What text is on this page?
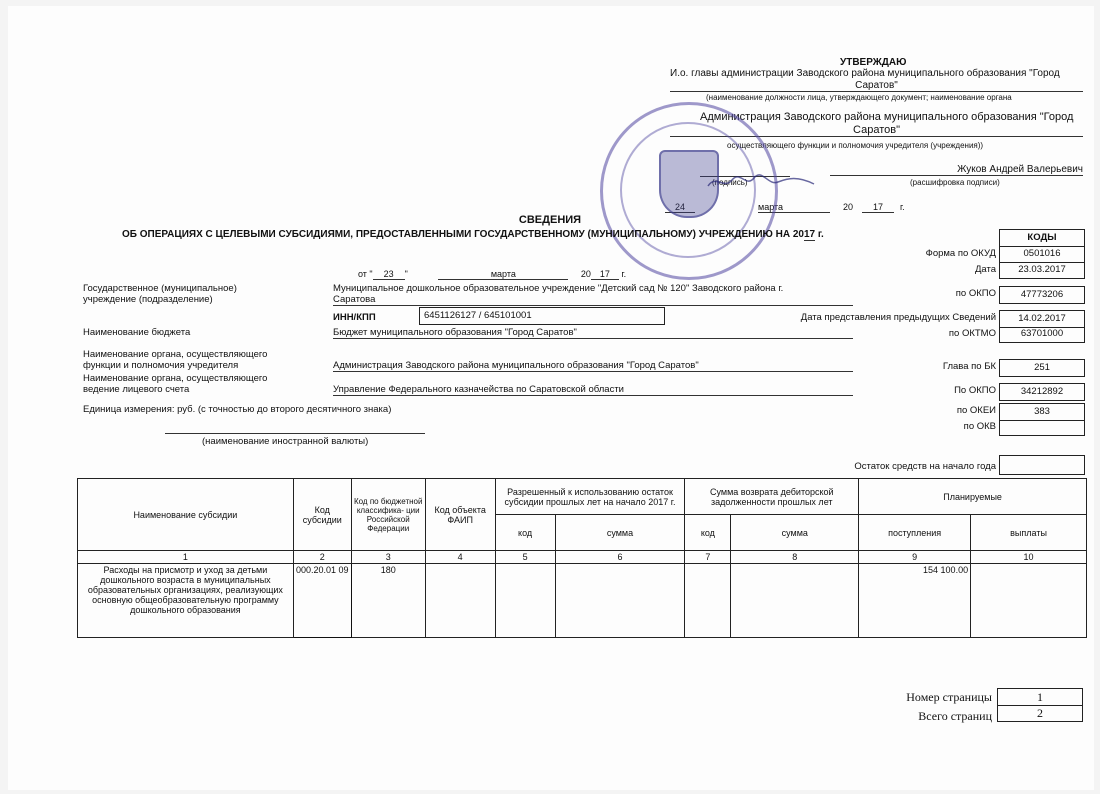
УТВЕРЖДАЮ
И.о. главы администрации Заводского района муниципального образования "Город
Саратов"
(наименование должности лица, утверждающего документ; наименование органа
Администрация Заводского района муниципального образования "Город
Саратов"
осуществляющего функции и полномочия учредителя (учреждения))
Жуков Андрей Валерьевич
(подпись)	(расшифровка подписи)
24	марта	20	17	г.
СВЕДЕНИЯ
ОБ ОПЕРАЦИЯХ С ЦЕЛЕВЫМИ СУБСИДИЯМИ, ПРЕДОСТАВЛЕННЫМИ ГОСУДАРСТВЕННОМУ (МУНИЦИПАЛЬНОМУ) УЧРЕЖДЕНИЮ НА 2017 г.	КОДЫ
Форма по ОКУД	0501016
Дата	23.03.2017
по ОКПО	47773206
Дата представления предыдущих Сведений	14.02.2017
по ОКТМО	63701000
Глава по БК	251
По ОКПО	34212892
по ОКЕИ	383
по ОКВ
от " 23 "	марта	20 17 г.
Государственное (муниципальное)
учреждение (подразделение)
Муниципальное дошкольное образовательное учреждение "Детский сад № 120" Заводского района г.
Саратова
ИНН/КПП	6451126127 / 645101001
Наименование бюджета	Бюджет муниципального образования "Город Саратов"
Наименование органа, осуществляющего
функции и полномочия учредителя	Администрация Заводского района муниципального образования "Город Саратов"
Наименование органа, осуществляющего
ведение лицевого счета	Управление Федерального казначейства по Саратовской области
Единица измерения: руб. (с точностью до второго десятичного знака)
(наименование иностранной валюты)
Остаток средств на начало года
Наименование субсидии	Код субсидии	Код по бюджетной классифика- ции Российской Федерации	Код объекта ФАИП	Разрешенный к использованию остаток субсидии прошлых лет на начало 2017 г.		Сумма возврата дебиторской задолженности прошлых лет		Планируемые	
				код	сумма	код	сумма	поступления	выплаты
1	2	3	4	5	6	7	8	9	10
Расходы на присмотр и уход за детьми дошкольного возраста в муниципальных образовательных организациях, реализующих основную общеобразовательную программу дошкольного образования	000.20.01 09	180						154 100.00	
Номер страницы	1
Всего страниц	2
